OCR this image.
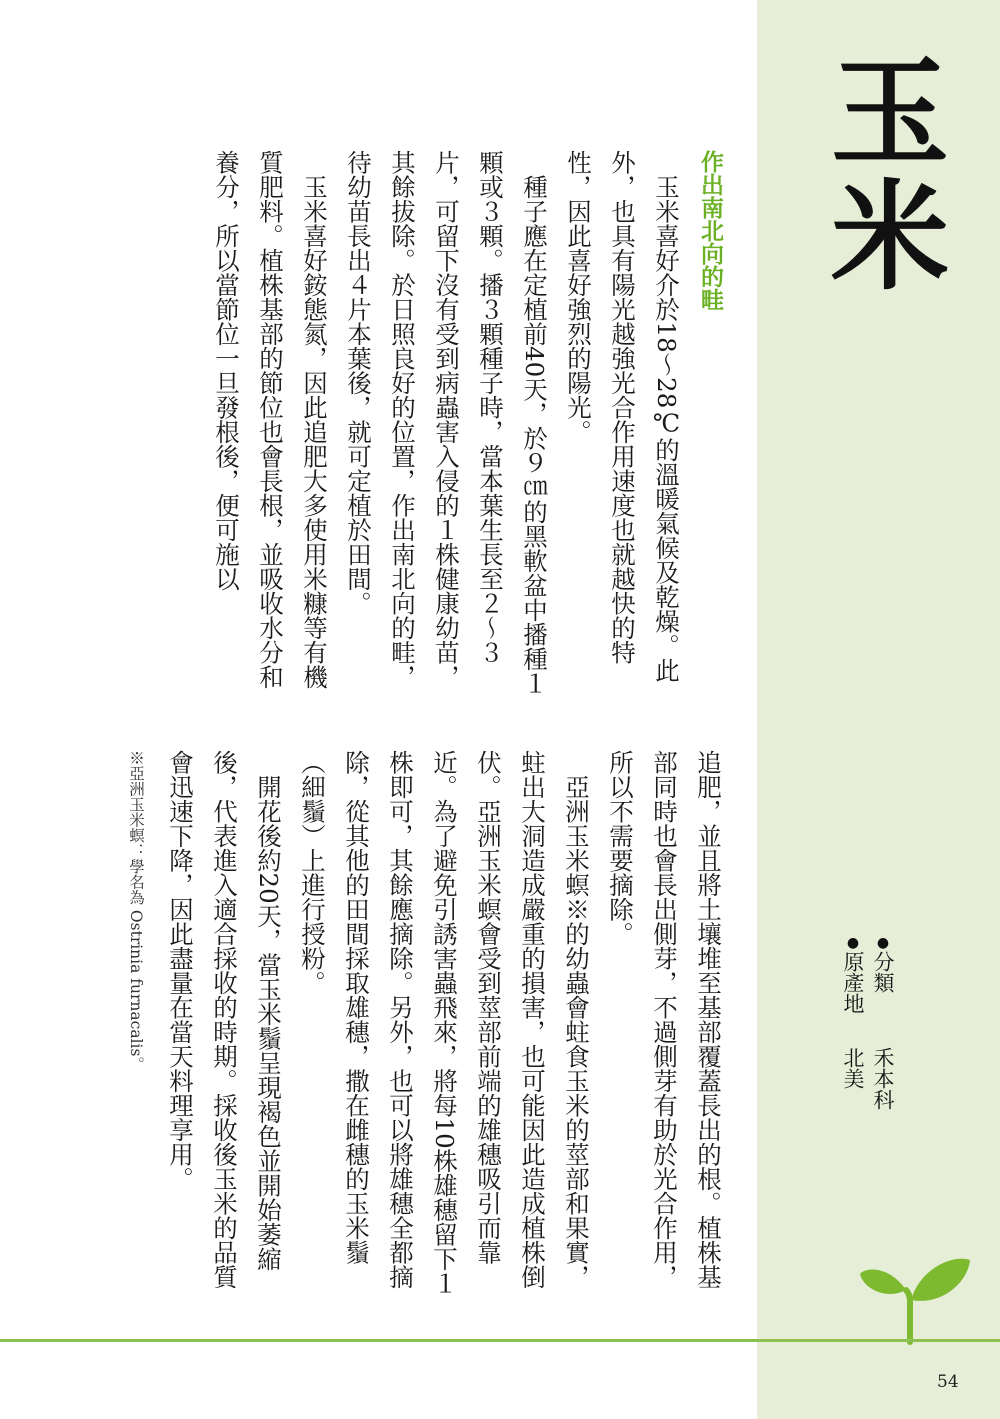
玉米
●分類禾本科
●原產地北美

作出南北向的畦

　玉米喜好介於18～28℃的溫暖氣候及乾燥。此外，也具有陽光越強光合作用速度也就越快的特性，因此喜好強烈的陽光。

　種子應在定植前40天，於９㎝的黑軟盆中播種１顆或３顆。播３顆種子時，當本葉生長至２～３片，可留下沒有受到病蟲害入侵的１株健康幼苗，其餘拔除。於日照良好的位置，作出南北向的畦，待幼苗長出４片本葉後，就可定植於田間。

　玉米喜好銨態氮，因此追肥大多使用米糠等有機質肥料。植株基部的節位也會長根，並吸收水分和養分，所以當節位一旦發根後，便可施以

追肥，並且將土壤堆至基部覆蓋長出的根。植株基部同時也會長出側芽，不過側芽有助於光合作用，所以不需要摘除。

　亞洲玉米螟※的幼蟲會蛀食玉米的莖部和果實，蛀出大洞造成嚴重的損害，也可能因此造成植株倒伏。亞洲玉米螟會受到莖部前端的雄穗吸引而靠近。為了避免引誘害蟲飛來，將每10株雄穗留下１株即可，其餘應摘除。另外，也可以將雄穗全都摘除，從其他的田間採取雄穗，撒在雌穗的玉米鬚（細鬚）上進行授粉。

　開花後約20天，當玉米鬚呈現褐色並開始萎縮後，代表進入適合採收的時期。採收後玉米的品質會迅速下降，因此盡量在當天料理享用。

※亞洲玉米螟：學名為 Ostrinia furnacalis。

54
